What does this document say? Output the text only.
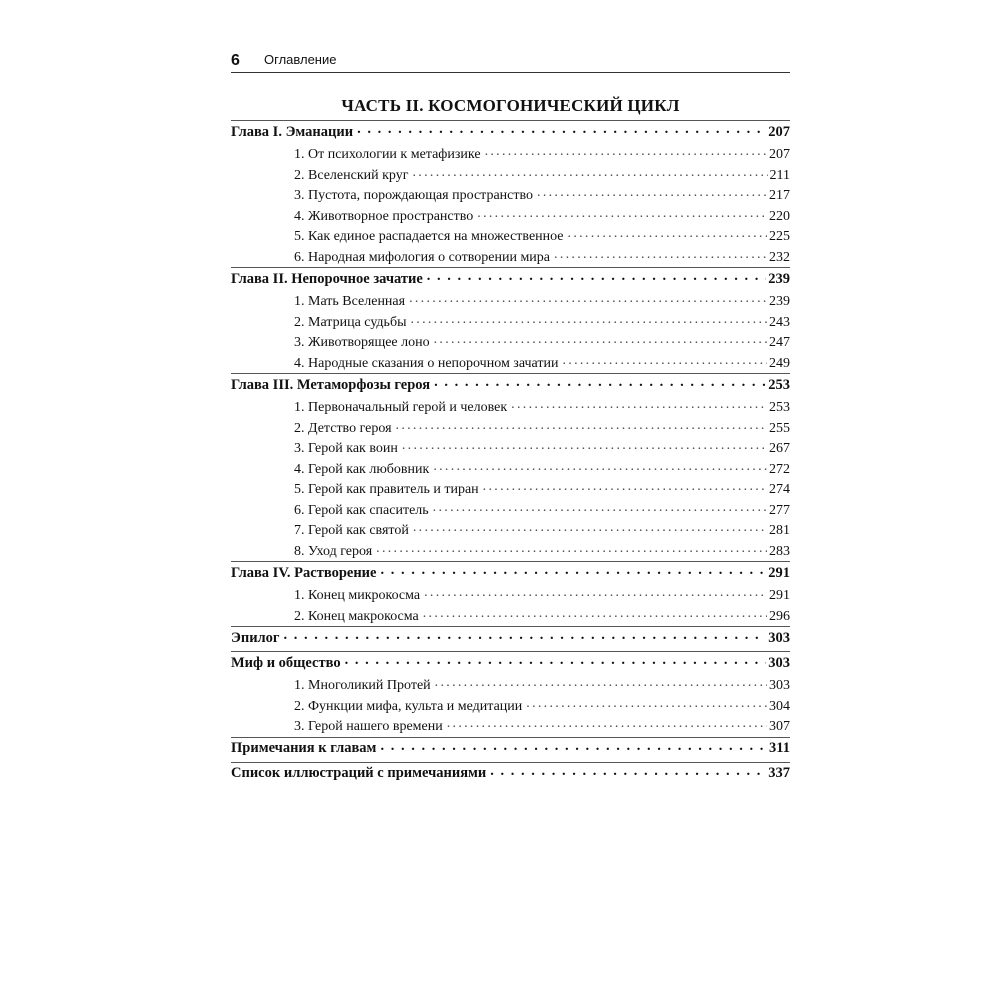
6 Оглавление
ЧАСТЬ II. КОСМОГОНИЧЕСКИЙ ЦИКЛ
Глава I. Эманации . . .	207
1. От психологии к метафизике .....	207
2. Вселенский круг .....	211
3. Пустота, порождающая пространство .....	217
4. Животворное пространство .....	220
5. Как единое распадается на множественное .....	225
6. Народная мифология о сотворении мира .....	232
Глава II. Непорочное зачатие . . .	239
1. Мать Вселенная .....	239
2. Матрица судьбы .....	243
3. Животворящее лоно .....	247
4. Народные сказания о непорочном зачатии .....	249
Глава III. Метаморфозы героя . . .	253
1. Первоначальный герой и человек .....	253
2. Детство героя .....	255
3. Герой как воин .....	267
4. Герой как любовник .....	272
5. Герой как правитель и тиран .....	274
6. Герой как спаситель .....	277
7. Герой как святой .....	281
8. Уход героя .....	283
Глава IV. Растворение . . .	291
1. Конец микрокосма .....	291
2. Конец макрокосма .....	296
Эпилог . . .	303
Миф и общество . . .	303
1. Многоликий Протей .....	303
2. Функции мифа, культа и медитации .....	304
3. Герой нашего времени .....	307
Примечания к главам . . .	311
Список иллюстраций с примечаниями . . .	337
